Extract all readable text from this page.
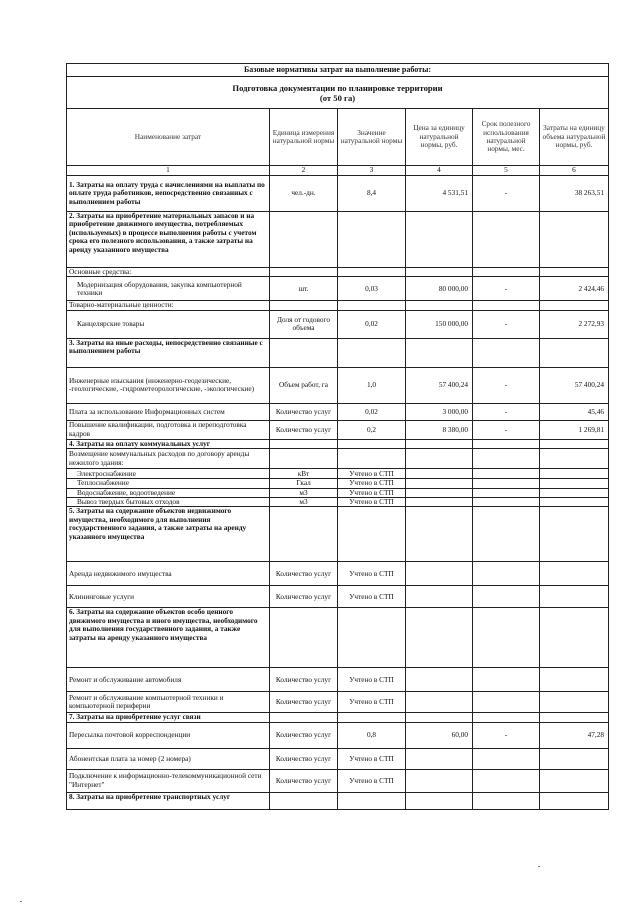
Базовые нормативы затрат на выполнение работы:					

Подготовка документации по планировке территории
(от 50 га)					

Наименование затрат	Единица измерения натуральной нормы	Значение натуральной нормы	Цена за единицу натуральной нормы, руб.	Срок полезного использования натуральной нормы, мес.	Затраты на единицу объема натуральной нормы, руб.
1	2	3	4	5	6
1. Затраты на оплату труда с начислениями на выплаты по оплате труда работников, непосредственно связанных с выполнением работы	чел.-дн.	8,4	4 531,51	-	38 263,51
2. Затраты на приобретение материальных запасов и на приобретение движимого имущества, потребляемых (используемых) в процессе выполнения работы с учетом срока его полезного использования, а также затраты на аренду указанного имущества					
Основные средства:					
Модернизация оборудования, закупка компьютерной техники	шт.	0,03	80 000,00	-	2 424,46
Товарно-материальные ценности:					
Канцелярские товары	Доля от годового объема	0,02	150 000,00	-	2 272,93
3. Затраты на иные расходы, непосредственно связанные с выполнением работы					
Инженерные изыскания (инженерно-геодезические, -геологические, -гидрометеорологические, -экологические)	Объем работ, га	1,0	57 400,24	-	57 400,24
Плата за использование Информационных систем	Количество услуг	0,02	3 000,00	-	45,46
Повышение квалификации, подготовка и переподготовка кадров	Количество услуг	0,2	8 380,00	-	1 269,81
4. Затраты на оплату коммунальных услуг					
Возмещение коммунальных расходов по договору аренды нежилого здания:					
Электроснабжение	кВт	Учтено в СТП			
Теплоснабжение	Гкал	Учтено в СТП			
Водоснабжение, водоотведение	м3	Учтено в СТП			
Вывоз твердых бытовых отходов	м3	Учтено в СТП			
5. Затраты на содержание объектов недвижимого имущества, необходимого для выполнения государственного задания, а также затраты на аренду указанного имущества					
Аренда недвижимого имущества	Количество услуг	Учтено в СТП			
Клининговые услуги	Количество услуг	Учтено в СТП			
6. Затраты на содержание объектов особо ценного движимого имущества и иного имущества, необходимого для выполнения государственного задания, а также затраты на аренду указанного имущества					
Ремонт и обслуживание автомобиля	Количество услуг	Учтено в СТП			
Ремонт и обслуживание компьютерной техники и компьютерной периферии	Количество услуг	Учтено в СТП			
7. Затраты на приобретение услуг связи					
Пересылка почтовой корреспонденции	Количество услуг	0,8	60,00	-	47,28
Абонентская плата за номер (2 номера)	Количество услуг	Учтено в СТП			
Подключение к информационно-телекоммуникационной сети "Интернет"	Количество услуг	Учтено в СТП			
8. Затраты на приобретение транспортных услуг					
